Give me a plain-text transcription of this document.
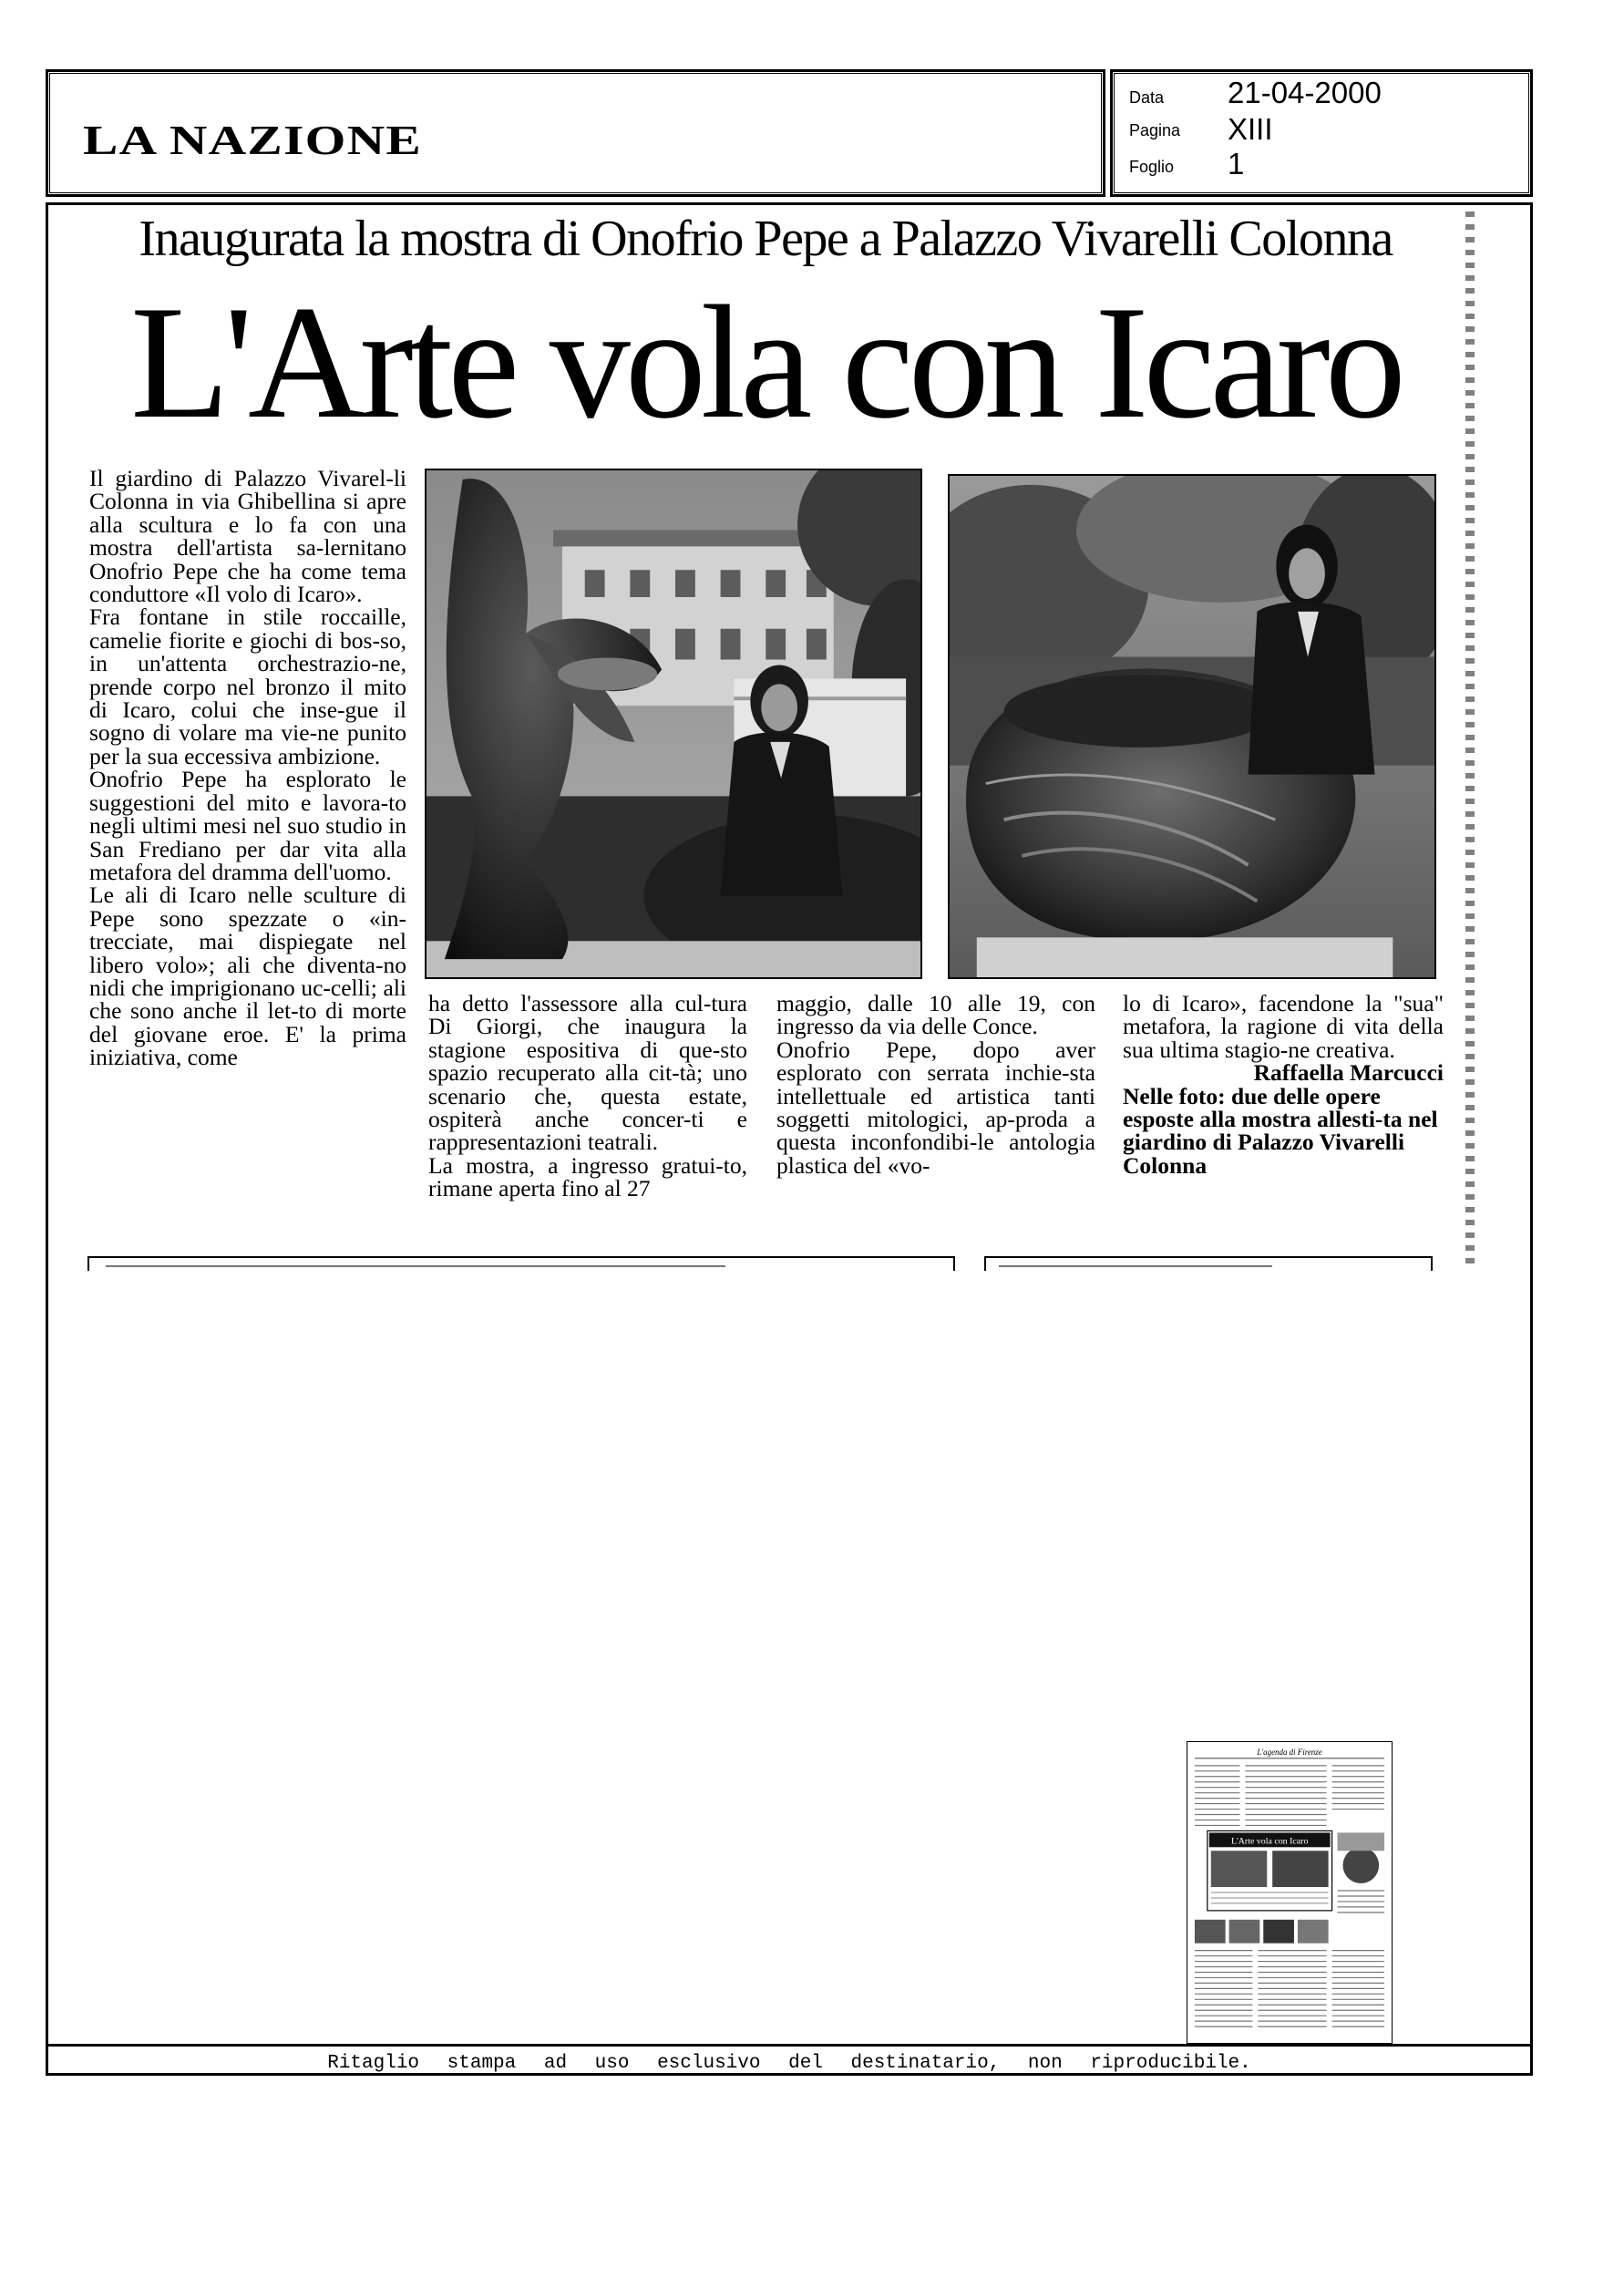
LA NAZIONE
Data 21-04-2000
Pagina XIII
Foglio 1
Inaugurata la mostra di Onofrio Pepe a Palazzo Vivarelli Colonna
L'Arte vola con Icaro

Il giardino di Palazzo Vivarel-li Colonna in via Ghibellina si apre alla scultura e lo fa con una mostra dell'artista sa-lernitano Onofrio Pepe che ha come tema conduttore «Il volo di Icaro».

Fra fontane in stile roccaille, camelie fiorite e giochi di bos-so, in un'attenta orchestrazio-ne, prende corpo nel bronzo il mito di Icaro, colui che inse-gue il sogno di volare ma vie-ne punito per la sua eccessiva ambizione.

Onofrio Pepe ha esplorato le suggestioni del mito e lavora-to negli ultimi mesi nel suo studio in San Frediano per dar vita alla metafora del dramma dell'uomo.

Le ali di Icaro nelle sculture di Pepe sono spezzate o «in-trecciate, mai dispiegate nel libero volo»; ali che diventa-no nidi che imprigionano uc-celli; ali che sono anche il let-to di morte del giovane eroe. E' la prima iniziativa, come

ha detto l'assessore alla cul-tura Di Giorgi, che inaugura la stagione espositiva di que-sto spazio recuperato alla cit-tà; uno scenario che, questa estate, ospiterà anche concer-ti e rappresentazioni teatrali.

La mostra, a ingresso gratui-to, rimane aperta fino al 27

maggio, dalle 10 alle 19, con ingresso da via delle Conce.

Onofrio Pepe, dopo aver esplorato con serrata inchie-sta intellettuale ed artistica tanti soggetti mitologici, ap-proda a questa inconfondibi-le antologia plastica del «vo-

lo di Icaro», facendone la "sua" metafora, la ragione di vita della sua ultima stagio-ne creativa.

Raffaella Marcucci

Nelle foto: due delle opere esposte alla mostra allesti-ta nel giardino di Palazzo Vivarelli Colonna

L'agenda di Firenze
L'Arte vola con Icaro
Ritaglio stampa ad uso esclusivo del destinatario, non riproducibile.
